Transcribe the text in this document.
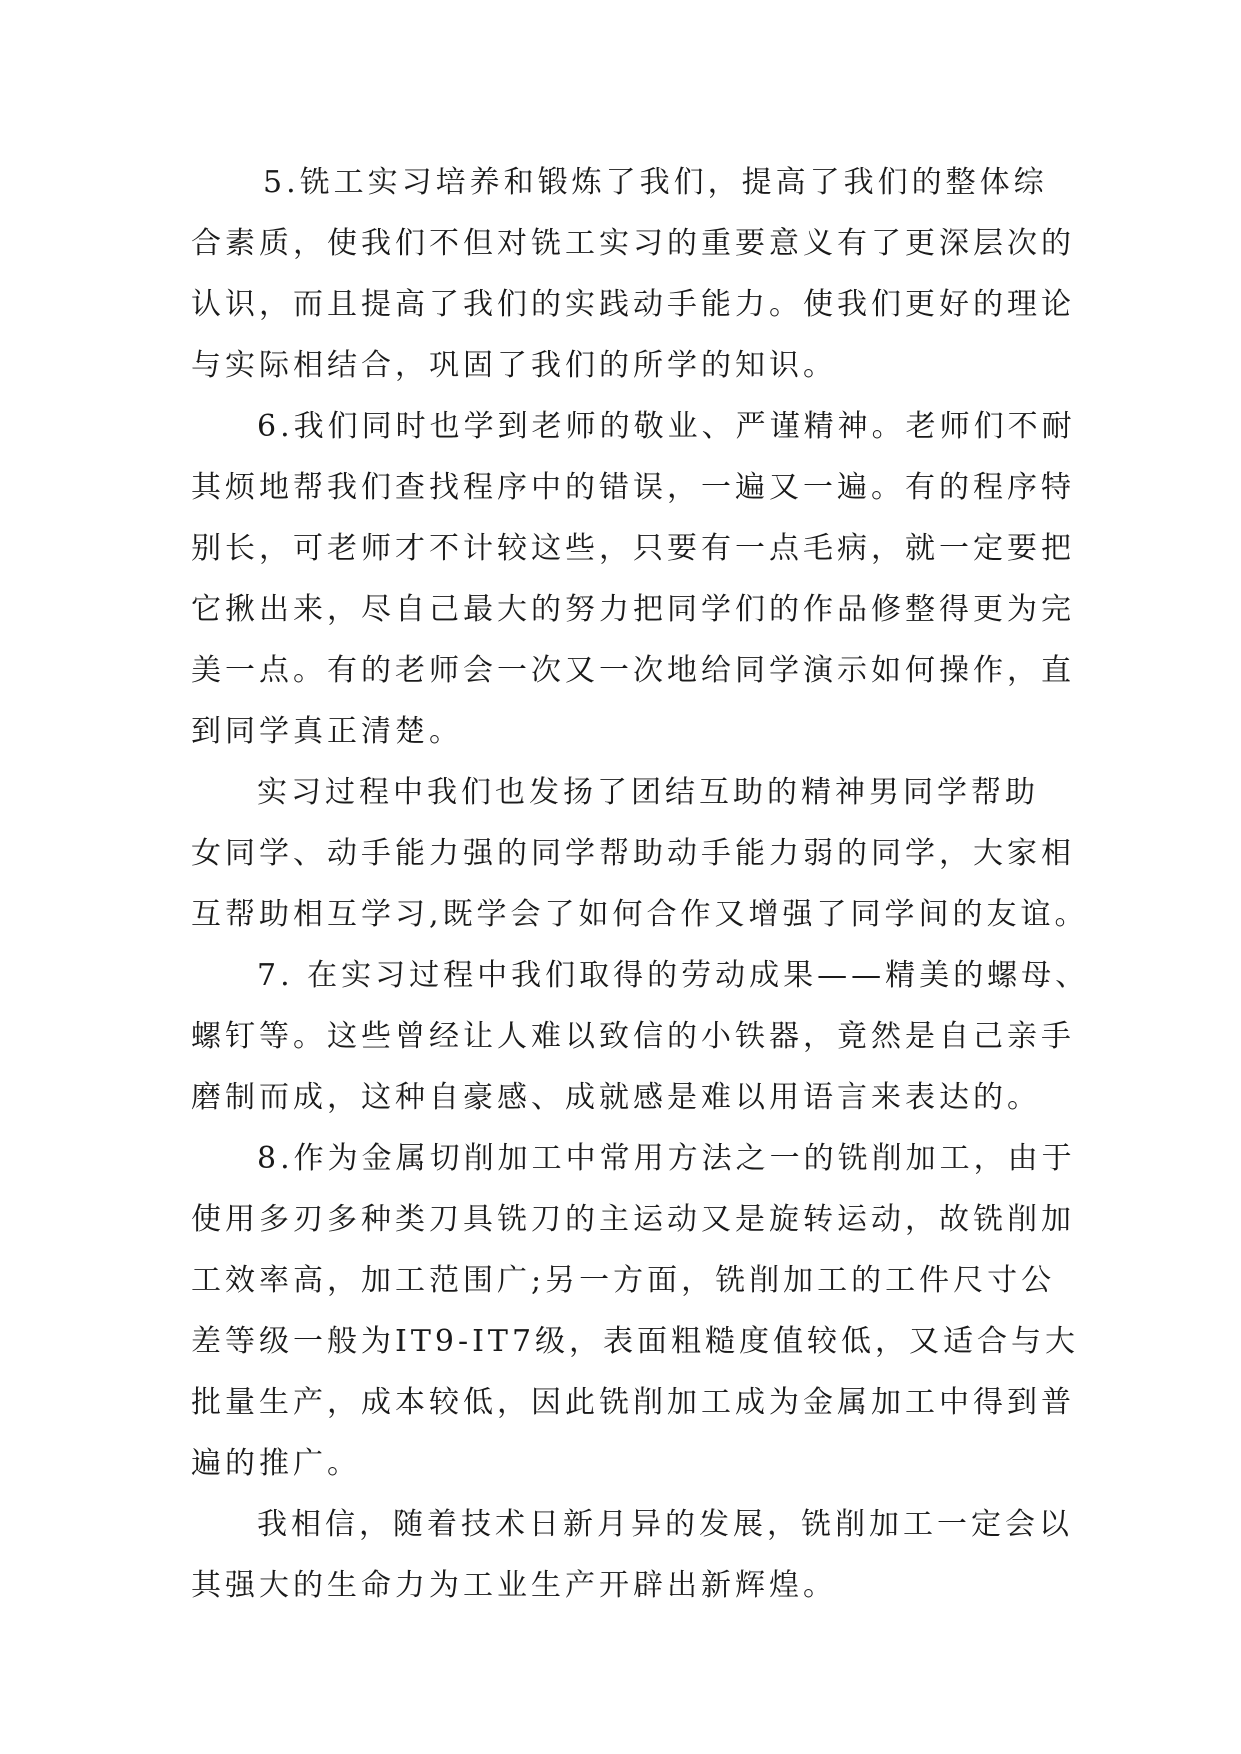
5.铣工实习培养和锻炼了我们，提高了我们的整体综
合素质，使我们不但对铣工实习的重要意义有了更深层次的
认识，而且提高了我们的实践动手能力。使我们更好的理论
与实际相结合，巩固了我们的所学的知识。
6.我们同时也学到老师的敬业、严谨精神。老师们不耐
其烦地帮我们查找程序中的错误，一遍又一遍。有的程序特
别长，可老师才不计较这些，只要有一点毛病，就一定要把
它揪出来，尽自己最大的努力把同学们的作品修整得更为完
美一点。有的老师会一次又一次地给同学演示如何操作，直
到同学真正清楚。
实习过程中我们也发扬了团结互助的精神男同学帮助
女同学、动手能力强的同学帮助动手能力弱的同学，大家相
互帮助相互学习,既学会了如何合作又增强了同学间的友谊。
7. 在实习过程中我们取得的劳动成果——精美的螺母、
螺钉等。这些曾经让人难以致信的小铁器，竟然是自己亲手
磨制而成，这种自豪感、成就感是难以用语言来表达的。
8.作为金属切削加工中常用方法之一的铣削加工，由于
使用多刃多种类刀具铣刀的主运动又是旋转运动，故铣削加
工效率高，加工范围广;另一方面，铣削加工的工件尺寸公
差等级一般为IT9-IT7级，表面粗糙度值较低，又适合与大
批量生产，成本较低，因此铣削加工成为金属加工中得到普
遍的推广。
我相信，随着技术日新月异的发展，铣削加工一定会以
其强大的生命力为工业生产开辟出新辉煌。
